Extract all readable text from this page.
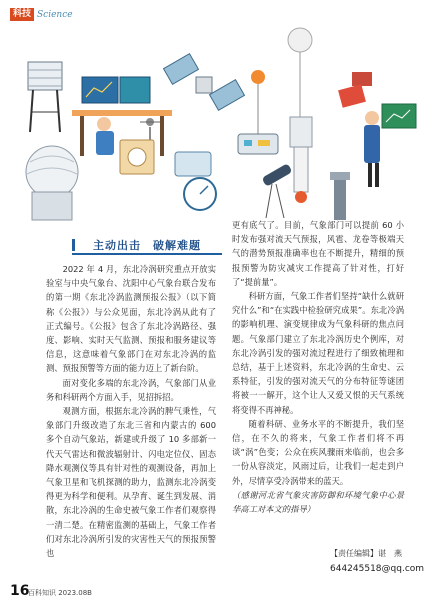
科技 Science
主动出击　破解难题

2022 年 4 月，东北冷涡研究重点开放实验室与中央气象台、沈阳中心气象台联合发布的第一期《东北冷涡监测预报公报》（以下简称《公报》）与公众见面，东北冷涡从此有了正式编号。《公报》包含了东北冷涡路径、强度、影响、实时天气监测、预报和服务建议等信息，这意味着气象部门在对东北冷涡的监测、预报预警等方面的能力迈上了新台阶。

面对变化多端的东北冷涡，气象部门从业务和科研两个方面入手，见招拆招。

观测方面，根据东北冷涡的脾气秉性，气象部门升级改造了东北三省和内蒙古的 600 多个自动气象站，新建或升级了 10 多部新一代天气雷达和微波辐射计、闪电定位仪、固态降水观测仪等具有针对性的观测设备，再加上气象卫星和飞机探测的助力，监测东北冷涡变得更为科学和便利。从孕育、诞生到发展、消散，东北冷涡的生命史被气象工作者们观察得一清二楚。在精密监测的基础上，气象工作者们对东北冷涡所引发的灾害性天气的预报预警也

更有底气了。目前，气象部门可以提前 60 小时发布强对流天气预报，风雹、龙卷等极端天气的潜势预报准确率也在不断提升，精细的预报预警为防灾减灾工作提高了针对性，打好了“提前量”。

科研方面，气象工作者们坚持“缺什么就研究什么”和“在实践中检验研究成果”。东北冷涡的影响机理、演变规律成为气象科研的焦点问题。气象部门建立了东北冷涡历史个例库，对东北冷涡引发的强对流过程进行了细致梳理和总结，基于上述资料，东北冷涡的生命史、云系特征，引发的强对流天气的分布特征等谜团将被一一解开，这个让人又爱又恨的天气系统将变得不再神秘。

随着科研、业务水平的不断提升，我们坚信，在不久的将来，气象工作者们将不再谈“涡”色变；公众在疾风骤雨来临前，也会多一份从容淡定，风雨过后，让我们一起走到户外，尽情享受冷涡带来的蓝天。

（感谢河北省气象灾害防御和环境气象中心景华高工对本文的指导）

【责任编辑】谌　燕
644245518@qq.com
16
百科知识 2023.08B
